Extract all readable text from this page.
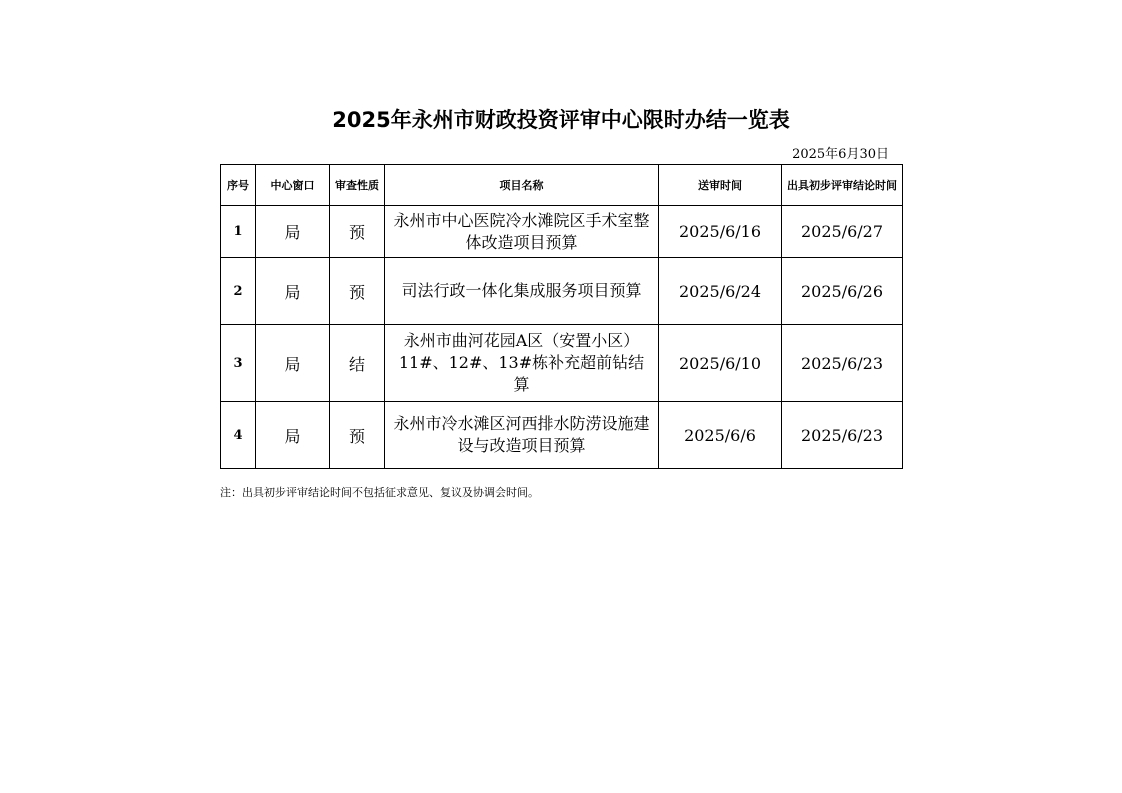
2025年永州市财政投资评审中心限时办结一览表
2025年6月30日
序号	中心窗口	审查性质	项目名称	送审时间	出具初步评审结论时间
1	局	预	永州市中心医院冷水滩院区手术室整体改造项目预算	2025/6/16	2025/6/27
2	局	预	司法行政一体化集成服务项目预算	2025/6/24	2025/6/26
3	局	结	永州市曲河花园A区（安置小区）11#、12#、13#栋补充超前钻结算	2025/6/10	2025/6/23
4	局	预	永州市冷水滩区河西排水防涝设施建设与改造项目预算	2025/6/6	2025/6/23
注：出具初步评审结论时间不包括征求意见、复议及协调会时间。
